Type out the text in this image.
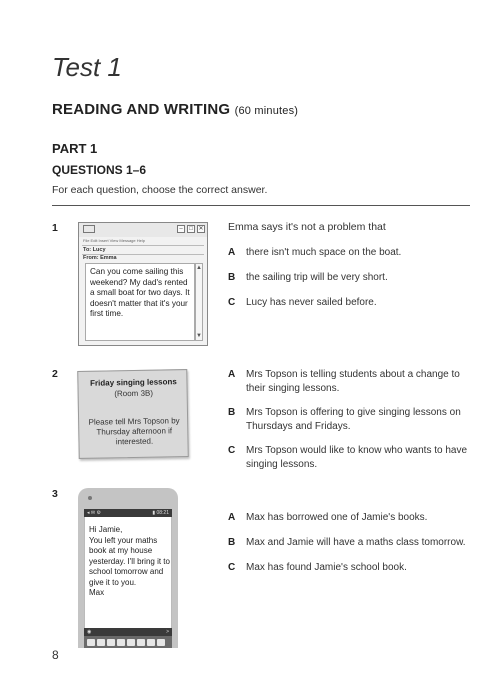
Test 1
READING AND WRITING (60 minutes)
PART 1
QUESTIONS 1–6
For each question, choose the correct answer.
1	–	□ ✕
File Edit Insert View Message Help
To: Lucy
From: Emma
Can you come sailing this weekend? My dad's rented a small boat for two days. It doesn't matter that it's your first time.
▲
▼
Emma says it's not a problem that
A there isn't much space on the boat.
B the sailing trip will be very short.
C Lucy has never sailed before.
2
Friday singing lessons
(Room 3B)
Please tell Mrs Topson by Thursday afternoon if interested.
A Mrs Topson is telling students about a change to their singing lessons.
B Mrs Topson is offering to give singing lessons on Thursdays and Fridays.
C Mrs Topson would like to know who wants to have singing lessons.
3
◂ ✉ ⚙	▮ 08:21
Hi Jamie,
You left your maths book at my house yesterday. I'll bring it to school tomorrow and give it to you.
Max
◉	>
A Max has borrowed one of Jamie's books.
B Max and Jamie will have a maths class tomorrow.
C Max has found Jamie's school book.
8
